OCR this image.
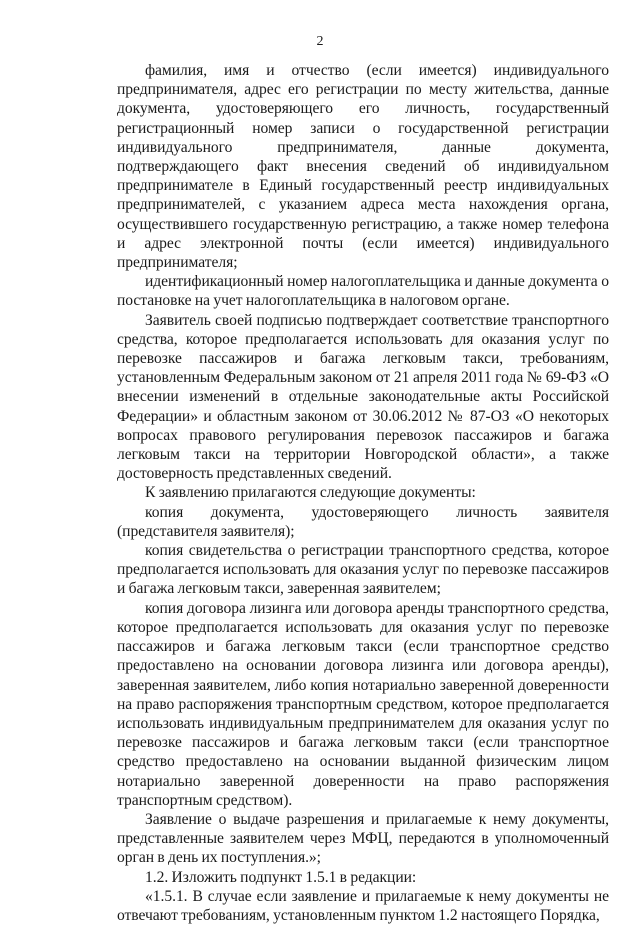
2

фамилия, имя и отчество (если имеется) индивидуального предпринимателя, адрес его регистрации по месту жительства, данные документа, удостоверяющего его личность, государственный регистрационный номер записи о государственной регистрации индивидуального предпринимателя, данные документа, подтверждающего факт внесения сведений об индивидуальном предпринимателе в Единый государственный реестр индивидуальных предпринимателей, с указанием адреса места нахождения органа, осуществившего государственную регистрацию, а также номер телефона и адрес электронной почты (если имеется) индивидуального предпринимателя;

идентификационный номер налогоплательщика и данные документа о постановке на учет налогоплательщика в налоговом органе.

Заявитель своей подписью подтверждает соответствие транспортного средства, которое предполагается использовать для оказания услуг по перевозке пассажиров и багажа легковым такси, требованиям, установленным Федеральным законом от 21 апреля 2011 года № 69-ФЗ «О внесении изменений в отдельные законодательные акты Российской Федерации» и областным законом от 30.06.2012 № 87-ОЗ «О некоторых вопросах правового регулирования перевозок пассажиров и багажа легковым такси на территории Новгородской области», а также достоверность представленных сведений.

К заявлению прилагаются следующие документы:

копия документа, удостоверяющего личность заявителя (представителя заявителя);

копия свидетельства о регистрации транспортного средства, которое предполагается использовать для оказания услуг по перевозке пассажиров и багажа легковым такси, заверенная заявителем;

копия договора лизинга или договора аренды транспортного средства, которое предполагается использовать для оказания услуг по перевозке пассажиров и багажа легковым такси (если транспортное средство предоставлено на основании договора лизинга или договора аренды), заверенная заявителем, либо копия нотариально заверенной доверенности на право распоряжения транспортным средством, которое предполагается использовать индивидуальным предпринимателем для оказания услуг по перевозке пассажиров и багажа легковым такси (если транспортное средство предоставлено на основании выданной физическим лицом нотариально заверенной доверенности на право распоряжения транспортным средством).

Заявление о выдаче разрешения и прилагаемые к нему документы, представленные заявителем через МФЦ, передаются в уполномоченный орган в день их поступления.»;

1.2. Изложить подпункт 1.5.1 в редакции:

«1.5.1. В случае если заявление и прилагаемые к нему документы не отвечают требованиям, установленным пунктом 1.2 настоящего Порядка,
